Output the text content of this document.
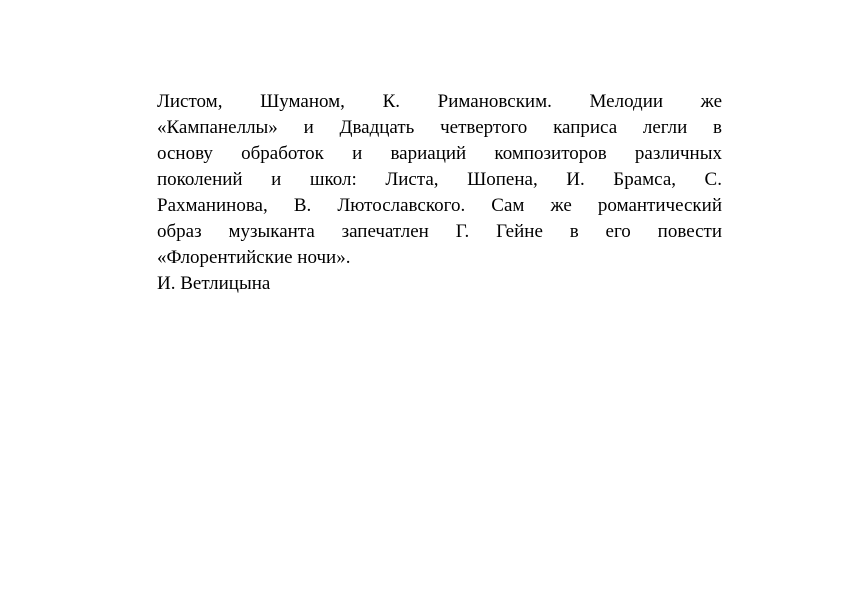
Листом, Шуманом, К. Римановским. Мелодии же
«Кампанеллы» и Двадцать четвертого каприса легли в
основу обработок и вариаций композиторов различных
поколений и школ: Листа, Шопена, И. Брамса, С.
Рахманинова, В. Лютославского. Сам же романтический
образ музыканта запечатлен Г. Гейне в его повести
«Флорентийские ночи».
И. Ветлицына
